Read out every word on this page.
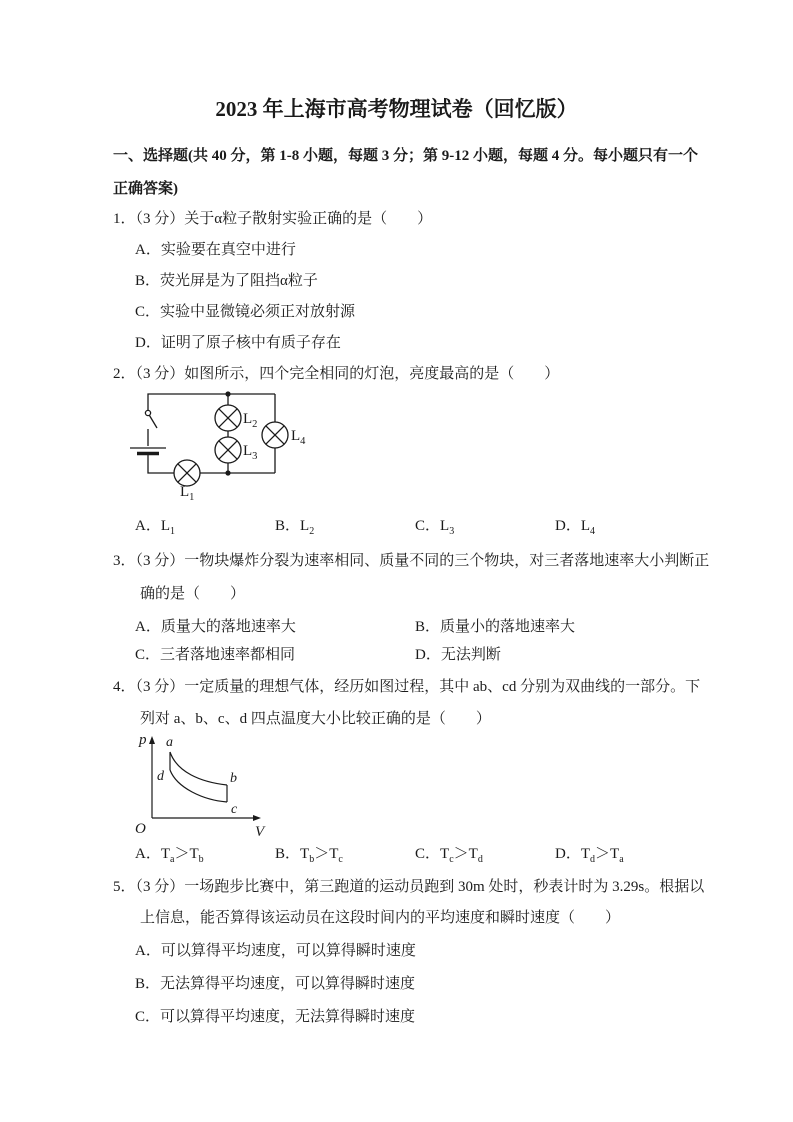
2023 年上海市高考物理试卷（回忆版）
一、选择题(共 40 分，第 1-8 小题，每题 3 分；第 9-12 小题，每题 4 分。每小题只有一个
正确答案)
1．（3 分）关于α粒子散射实验正确的是（　　）
A．实验要在真空中进行
B．荧光屏是为了阻挡α粒子
C．实验中显微镜必须正对放射源
D．证明了原子核中有质子存在
2．（3 分）如图所示，四个完全相同的灯泡，亮度最高的是（　　）
$L_2$
$L_3$
$L_4$
$L_1$
A．$L_1$	B．$L_2$	C．$L_3$	D．$L_4$
3．（3 分）一物块爆炸分裂为速率相同、质量不同的三个物块，对三者落地速率大小判断正
确的是（　　）
A．质量大的落地速率大	B．质量小的落地速率大
C．三者落地速率都相同	D．无法判断
4．（3 分）一定质量的理想气体，经历如图过程，其中 ab、cd 分别为双曲线的一部分。下
列对 a、b、c、d 四点温度大小比较正确的是（　　）
p
V
O
a
d	b
c
A．$T_a>T_b$	B．$T_b>T_c$	C．$T_c>T_d$	D．$T_d>T_a$
5．（3 分）一场跑步比赛中，第三跑道的运动员跑到 30m 处时，秒表计时为 3.29s。根据以
上信息，能否算得该运动员在这段时间内的平均速度和瞬时速度（　　）
A．可以算得平均速度，可以算得瞬时速度
B．无法算得平均速度，可以算得瞬时速度
C．可以算得平均速度，无法算得瞬时速度
